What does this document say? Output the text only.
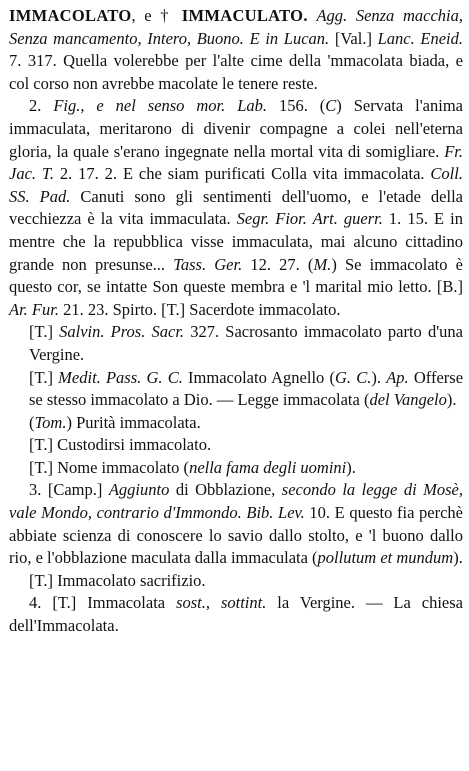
IMMACOLATO, e † IMMACULATO. Agg. Senza macchia, Senza mancamento, Intero, Buono. E in Lucan. [Val.] Lanc. Eneid. 7. 317. Quella volerebbe per l'alte cime della 'mmacolata biada, e col corso non avrebbe macolate le tenere reste.

2. Fig., e nel senso mor. Lab. 156. (C) Servata l'anima immaculata, meritarono di divenir compagne a colei nell'eterna gloria, la quale s'erano ingegnate nella mortal vita di somigliare. Fr. Jac. T. 2. 17. 2. E che siam purificati Colla vita immacolata. Coll. SS. Pad. Canuti sono gli sentimenti dell'uomo, e l'etade della vecchiezza è la vita immaculata. Segr. Fior. Art. guerr. 1. 15. E in mentre che la repubblica visse immaculata, mai alcuno cittadino grande non presunse... Tass. Ger. 12. 27. (M.) Se immacolato è questo cor, se intatte Son queste membra e 'l marital mio letto. [B.] Ar. Fur. 21. 23. Spirto. [T.] Sacerdote immacolato.

[T.] Salvin. Pros. Sacr. 327. Sacrosanto immacolato parto d'una Vergine.

[T.] Medit. Pass. G. C. Immacolato Agnello (G. C.). Ap. Offerse se stesso immacolato a Dio. — Legge immacolata (del Vangelo).

(Tom.) Purità immacolata.

[T.] Custodirsi immacolato.

[T.] Nome immacolato (nella fama degli uomini).

3. [Camp.] Aggiunto di Obblazione, secondo la legge di Mosè, vale Mondo, contrario d'Immondo. Bib. Lev. 10. E questo fia perchè abbiate scienza di conoscere lo savio dallo stolto, e 'l buono dallo rio, e l'obblazione maculata dalla immaculata (pollutum et mundum).

[T.] Immacolato sacrifizio.

4. [T.] Immacolata sost., sottint. la Vergine. — La chiesa dell'Immacolata.
